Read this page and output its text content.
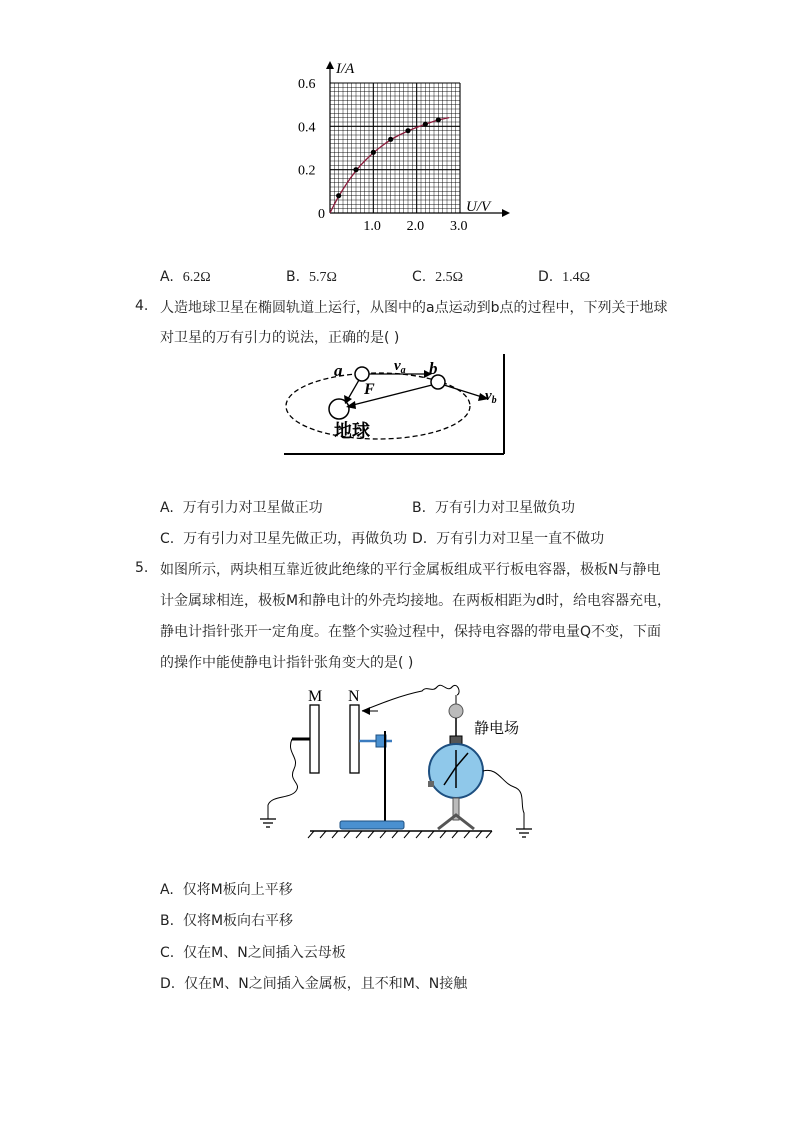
I/A
U/V
0
0.2
0.4
0.6
1.0 2.0 3.0
A. 6.2Ω	B. 5.7Ω	C. 2.5Ω	D. 1.4Ω
4. 人造地球卫星在椭圆轨道上运行，从图中的a点运动到b点的过程中，下列关于地球
对卫星的万有引力的说法，正确的是( )
a	b
$v_a$
$v_b$
F
地球
A. 万有引力对卫星做正功	B. 万有引力对卫星做负功
C. 万有引力对卫星先做正功，再做负功 D. 万有引力对卫星一直不做功
5. 如图所示，两块相互靠近彼此绝缘的平行金属板组成平行板电容器，极板N与静电
计金属球相连，极板M和静电计的外壳均接地。在两板相距为d时，给电容器充电，
静电计指针张开一定角度。在整个实验过程中，保持电容器的带电量Q不变，下面
的操作中能使静电计指针张角变大的是( )
M N
静电场
A. 仅将M板向上平移
B. 仅将M板向右平移
C. 仅在M、N之间插入云母板
D. 仅在M、N之间插入金属板，且不和M、N接触
